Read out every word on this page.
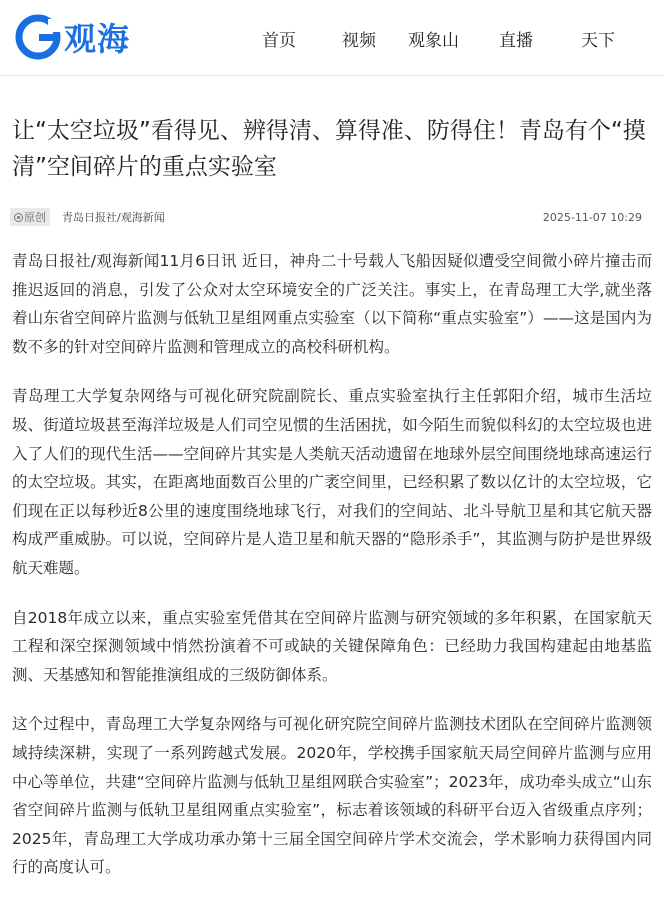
观海	首页	视频 观象山 直播	天下
让“太空垃圾”看得见、辨得清、算得准、防得住！青岛有个“摸清”空间碎片的重点实验室
原创 青岛日报社/观海新闻	2025-11-07 10:29

青岛日报社/观海新闻11月6日讯 近日，神舟二十号载人飞船因疑似遭受空间微小碎片撞击而推迟返回的消息，引发了公众对太空环境安全的广泛关注。事实上，在青岛理工大学,就坐落着山东省空间碎片监测与低轨卫星组网重点实验室（以下简称“重点实验室”）——这是国内为数不多的针对空间碎片监测和管理成立的高校科研机构。

青岛理工大学复杂网络与可视化研究院副院长、重点实验室执行主任郭阳介绍，城市生活垃圾、街道垃圾甚至海洋垃圾是人们司空见惯的生活困扰，如今陌生而貌似科幻的太空垃圾也进入了人们的现代生活——空间碎片其实是人类航天活动遗留在地球外层空间围绕地球高速运行的太空垃圾。其实，在距离地面数百公里的广袤空间里，已经积累了数以亿计的太空垃圾，它们现在正以每秒近8公里的速度围绕地球飞行，对我们的空间站、北斗导航卫星和其它航天器构成严重威胁。可以说，空间碎片是人造卫星和航天器的“隐形杀手”，其监测与防护是世界级航天难题。

自2018年成立以来，重点实验室凭借其在空间碎片监测与研究领域的多年积累，在国家航天工程和深空探测领域中悄然扮演着不可或缺的关键保障角色：已经助力我国构建起由地基监测、天基感知和智能推演组成的三级防御体系。

这个过程中，青岛理工大学复杂网络与可视化研究院空间碎片监测技术团队在空间碎片监测领域持续深耕，实现了一系列跨越式发展。2020年，学校携手国家航天局空间碎片监测与应用中心等单位，共建“空间碎片监测与低轨卫星组网联合实验室”；2023年，成功牵头成立“山东省空间碎片监测与低轨卫星组网重点实验室”，标志着该领域的科研平台迈入省级重点序列；2025年，青岛理工大学成功承办第十三届全国空间碎片学术交流会，学术影响力获得国内同行的高度认可。
